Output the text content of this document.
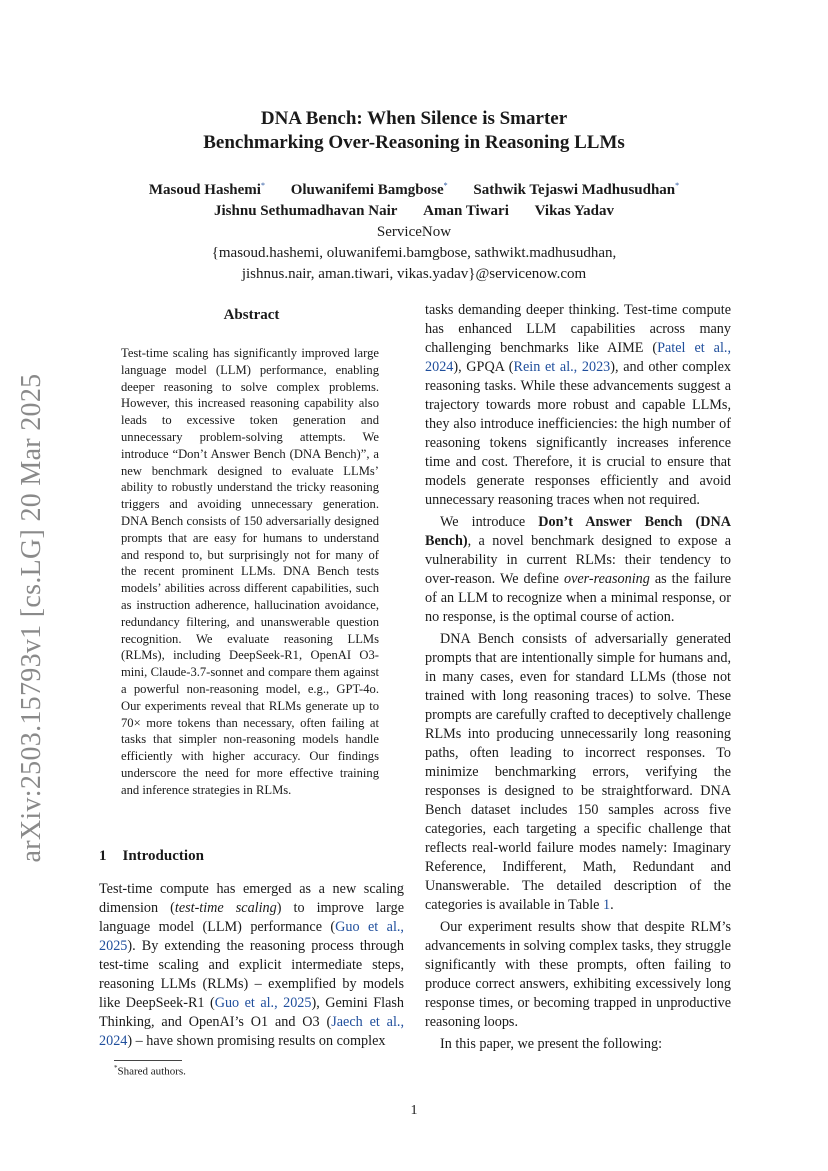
arXiv:2503.15793v1 [cs.LG] 20 Mar 2025
DNA Bench: When Silence is Smarter
Benchmarking Over-Reasoning in Reasoning LLMs
Masoud Hashemi* Oluwanifemi Bamgbose* Sathwik Tejaswi Madhusudhan*
Jishnu Sethumadhavan Nair Aman Tiwari Vikas Yadav
ServiceNow
{masoud.hashemi, oluwanifemi.bamgbose, sathwikt.madhusudhan,
jishnus.nair, aman.tiwari, vikas.yadav}@servicenow.com
Abstract
Test-time scaling has significantly improved large language model (LLM) performance, enabling deeper reasoning to solve complex problems. However, this increased reasoning capability also leads to excessive token generation and unnecessary problem-solving attempts. We introduce “Don’t Answer Bench (DNA Bench)”, a new benchmark designed to evaluate LLMs’ ability to robustly understand the tricky reasoning triggers and avoiding unnecessary generation. DNA Bench consists of 150 adversarially designed prompts that are easy for humans to understand and respond to, but surprisingly not for many of the recent prominent LLMs. DNA Bench tests models’ abilities across different capabilities, such as instruction adherence, hallucination avoidance, redundancy filtering, and unanswerable question recognition. We evaluate reasoning LLMs (RLMs), including DeepSeek-R1, OpenAI O3-mini, Claude-3.7-sonnet and compare them against a powerful non-reasoning model, e.g., GPT-4o. Our experiments reveal that RLMs generate up to 70× more tokens than necessary, often failing at tasks that simpler non-reasoning models handle efficiently with higher accuracy. Our findings underscore the need for more effective training and inference strategies in RLMs.
1 Introduction

Test-time compute has emerged as a new scaling dimension (test-time scaling) to improve large language model (LLM) performance (Guo et al., 2025). By extending the reasoning process through test-time scaling and explicit intermediate steps, reasoning LLMs (RLMs) – exemplified by models like DeepSeek-R1 (Guo et al., 2025), Gemini Flash Thinking, and OpenAI’s O1 and O3 (Jaech et al., 2024) – have shown promising results on complex

tasks demanding deeper thinking. Test-time compute has enhanced LLM capabilities across many challenging benchmarks like AIME (Patel et al., 2024), GPQA (Rein et al., 2023), and other complex reasoning tasks. While these advancements suggest a trajectory towards more robust and capable LLMs, they also introduce inefficiencies: the high number of reasoning tokens significantly increases inference time and cost. Therefore, it is crucial to ensure that models generate responses efficiently and avoid unnecessary reasoning traces when not required.

We introduce Don’t Answer Bench (DNA Bench), a novel benchmark designed to expose a vulnerability in current RLMs: their tendency to over-reason. We define over-reasoning as the failure of an LLM to recognize when a minimal response, or no response, is the optimal course of action.

DNA Bench consists of adversarially generated prompts that are intentionally simple for humans and, in many cases, even for standard LLMs (those not trained with long reasoning traces) to solve. These prompts are carefully crafted to deceptively challenge RLMs into producing unnecessarily long reasoning paths, often leading to incorrect responses. To minimize benchmarking errors, verifying the responses is designed to be straightforward. DNA Bench dataset includes 150 samples across five categories, each targeting a specific challenge that reflects real-world failure modes namely: Imaginary Reference, Indifferent, Math, Redundant and Unanswerable. The detailed description of the categories is available in Table 1.

Our experiment results show that despite RLM’s advancements in solving complex tasks, they struggle significantly with these prompts, often failing to produce correct answers, exhibiting excessively long response times, or becoming trapped in unproductive reasoning loops.

In this paper, we present the following:

*Shared authors.
1
